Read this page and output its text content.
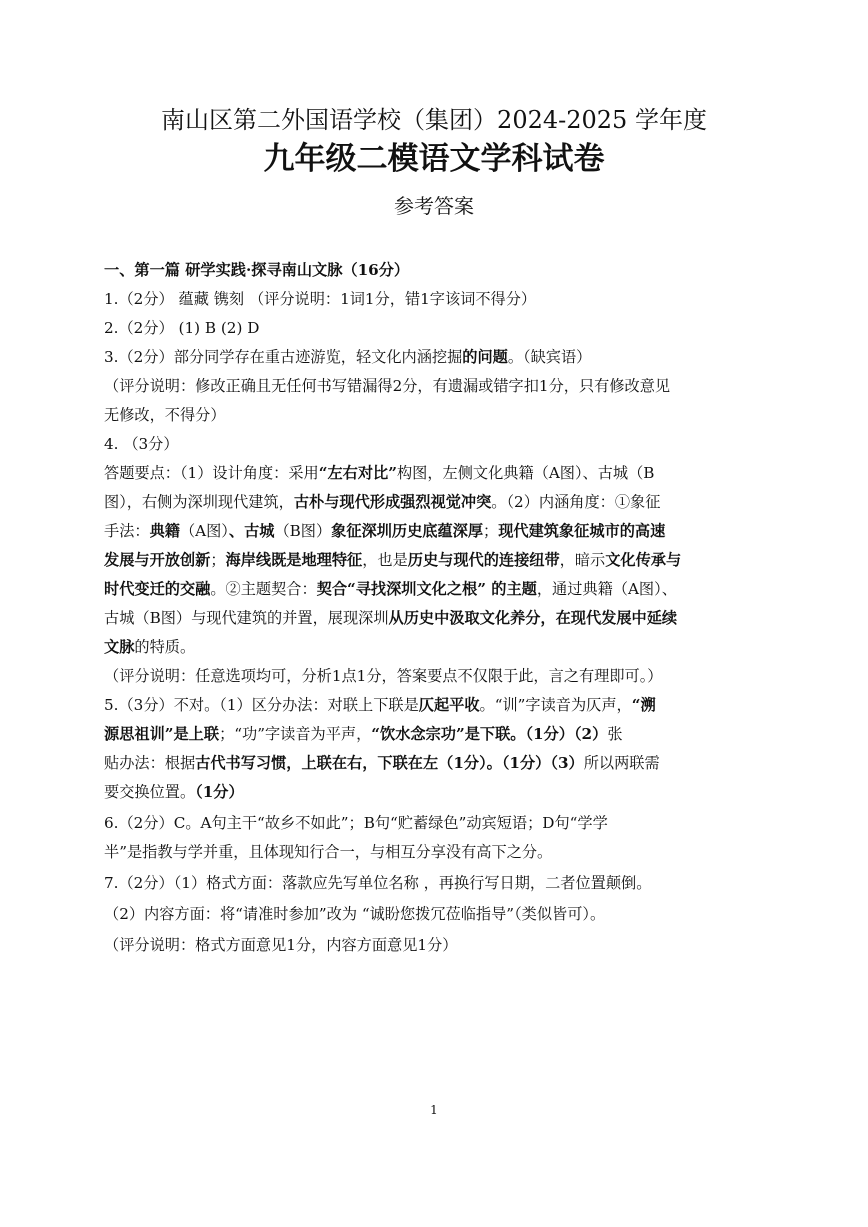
南山区第二外国语学校（集团）2024-2025 学年度
九年级二模语文学科试卷
参考答案
一、第一篇 研学实践·探寻南山文脉（16分）
1.（2分） 蕴藏 镌刻 （评分说明：1词1分，错1字该词不得分）
2.（2分） (1) B (2) D
3.（2分）部分同学存在重古迹游览，轻文化内涵挖掘的问题。（缺宾语）
（评分说明：修改正确且无任何书写错漏得2分，有遗漏或错字扣1分，只有修改意见
无修改，不得分）
4. （3分）
答题要点：（1）设计角度：采用“左右对比”构图，左侧文化典籍（A图）、古城（B
图），右侧为深圳现代建筑，古朴与现代形成强烈视觉冲突。（2）内涵角度：①象征
手法：典籍（A图）、古城（B图）象征深圳历史底蕴深厚；现代建筑象征城市的高速
发展与开放创新；海岸线既是地理特征，也是历史与现代的连接纽带，暗示文化传承与
时代变迁的交融。②主题契合：契合“寻找深圳文化之根” 的主题，通过典籍（A图）、
古城（B图）与现代建筑的并置，展现深圳从历史中汲取文化养分，在现代发展中延续
文脉的特质。
（评分说明：任意选项均可，分析1点1分，答案要点不仅限于此，言之有理即可。）
5.（3分）不对。（1）区分办法：对联上下联是仄起平收。“训”字读音为仄声，“溯
源思祖训”是上联；“功”字读音为平声，“饮水念宗功”是下联。（1分）（2）张
贴办法：根据古代书写习惯，上联在右，下联在左（1分）。（1分）（3）所以两联需
要交换位置。（1分）
6.（2分）C。A句主干“故乡不如此”；B句“贮蓄绿色”动宾短语；D句“学学
半”是指教与学并重，且体现知行合一，与相互分享没有高下之分。
7.（2分）（1）格式方面：落款应先写单位名称 ，再换行写日期，二者位置颠倒。
（2）内容方面：将“请准时参加”改为 “诚盼您拨冗莅临指导”（类似皆可）。
（评分说明：格式方面意见1分，内容方面意见1分）
1
